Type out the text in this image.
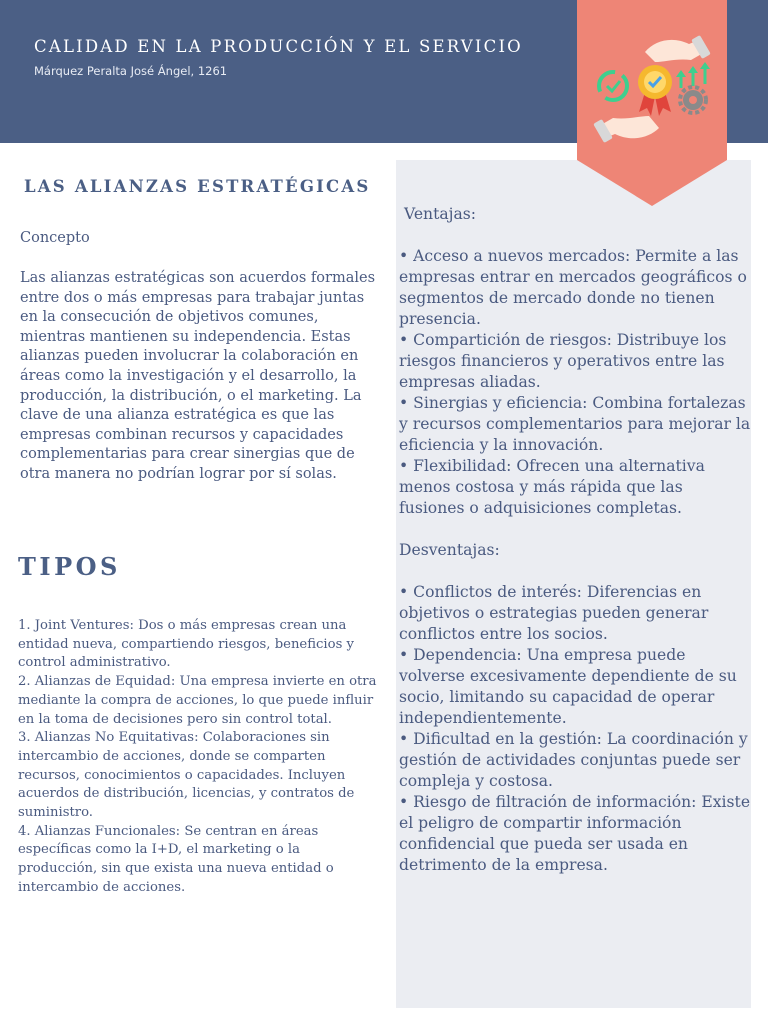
CALIDAD EN LA PRODUCCIÓN Y EL SERVICIO
Márquez Peralta José Ángel, 1261
LAS ALIANZAS ESTRATÉGICAS
Concepto
Las alianzas estratégicas son acuerdos formales entre dos o más empresas para trabajar juntas en la consecución de objetivos comunes, mientras mantienen su independencia. Estas alianzas pueden involucrar la colaboración en áreas como la investigación y el desarrollo, la producción, la distribución, o el marketing. La clave de una alianza estratégica es que las empresas combinan recursos y capacidades complementarias para crear sinergias que de otra manera no podrían lograr por sí solas.
TIPOS
1. Joint Ventures: Dos o más empresas crean una entidad nueva, compartiendo riesgos, beneficios y control administrativo.
2. Alianzas de Equidad: Una empresa invierte en otra mediante la compra de acciones, lo que puede influir en la toma de decisiones pero sin control total.
3. Alianzas No Equitativas: Colaboraciones sin intercambio de acciones, donde se comparten recursos, conocimientos o capacidades. Incluyen acuerdos de distribución, licencias, y contratos de suministro.
4. Alianzas Funcionales: Se centran en áreas específicas como la I+D, el marketing o la producción, sin que exista una nueva entidad o intercambio de acciones.
Ventajas:
• Acceso a nuevos mercados: Permite a las empresas entrar en mercados geográficos o segmentos de mercado donde no tienen presencia.
• Compartición de riesgos: Distribuye los riesgos financieros y operativos entre las empresas aliadas.
• Sinergias y eficiencia: Combina fortalezas y recursos complementarios para mejorar la eficiencia y la innovación.
• Flexibilidad: Ofrecen una alternativa menos costosa y más rápida que las fusiones o adquisiciones completas.
Desventajas:
• Conflictos de interés: Diferencias en objetivos o estrategias pueden generar conflictos entre los socios.
• Dependencia: Una empresa puede volverse excesivamente dependiente de su socio, limitando su capacidad de operar independientemente.
• Dificultad en la gestión: La coordinación y gestión de actividades conjuntas puede ser compleja y costosa.
• Riesgo de filtración de información: Existe el peligro de compartir información confidencial que pueda ser usada en detrimento de la empresa.
